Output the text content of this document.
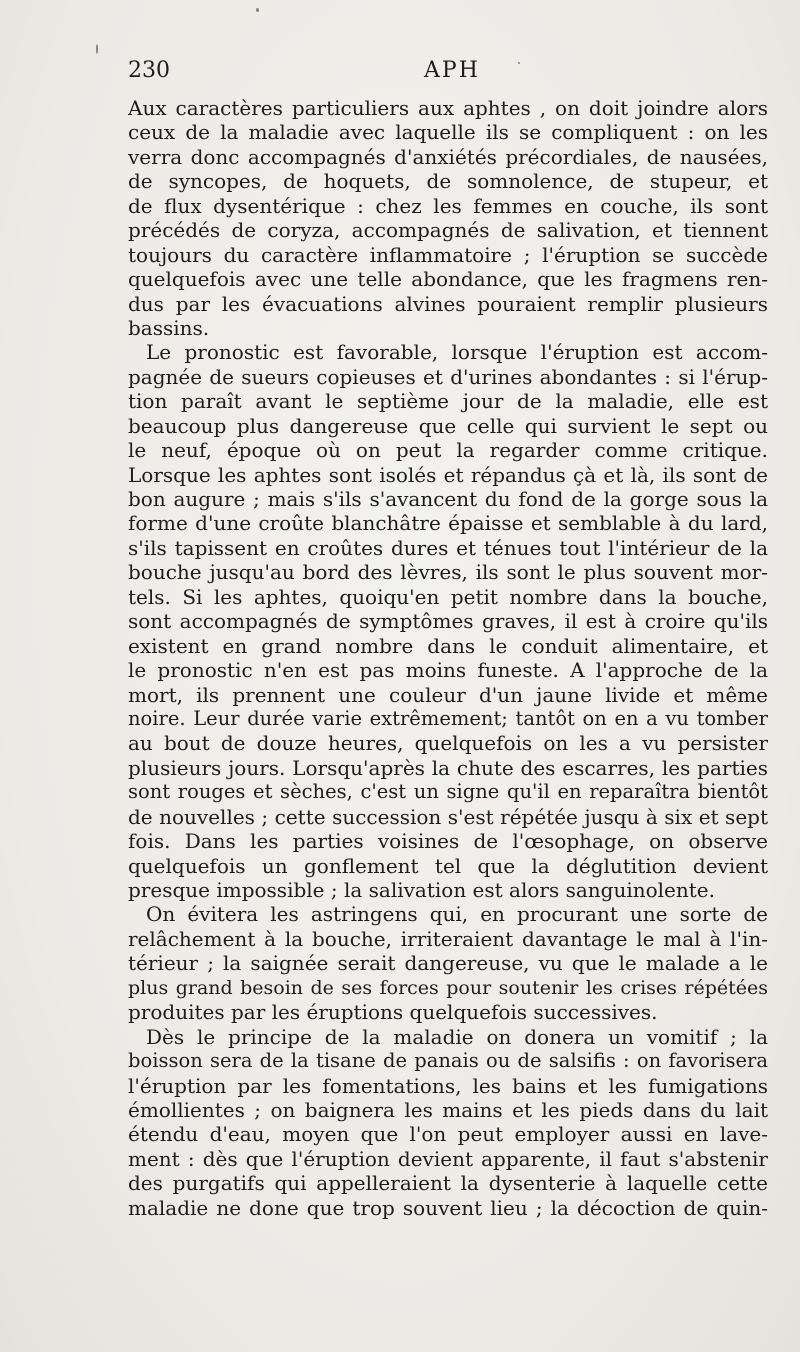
230	APH
Aux caractères particuliers aux aphtes , on doit joindre alors
ceux de la maladie avec laquelle ils se compliquent : on les
verra donc accompagnés d'anxiétés précordiales, de nausées,
de syncopes, de hoquets, de somnolence, de stupeur, et
de flux dysentérique : chez les femmes en couche, ils sont
précédés de coryza, accompagnés de salivation, et tiennent
toujours du caractère inflammatoire ; l'éruption se succède
quelquefois avec une telle abondance, que les fragmens ren-
dus par les évacuations alvines pouraient remplir plusieurs
bassins.
Le pronostic est favorable, lorsque l'éruption est accom-
pagnée de sueurs copieuses et d'urines abondantes : si l'érup-
tion paraît avant le septième jour de la maladie, elle est
beaucoup plus dangereuse que celle qui survient le sept ou
le neuf, époque où on peut la regarder comme critique.
Lorsque les aphtes sont isolés et répandus çà et là, ils sont de
bon augure ; mais s'ils s'avancent du fond de la gorge sous la
forme d'une croûte blanchâtre épaisse et semblable à du lard,
s'ils tapissent en croûtes dures et ténues tout l'intérieur de la
bouche jusqu'au bord des lèvres, ils sont le plus souvent mor-
tels. Si les aphtes, quoiqu'en petit nombre dans la bouche,
sont accompagnés de symptômes graves, il est à croire qu'ils
existent en grand nombre dans le conduit alimentaire, et
le pronostic n'en est pas moins funeste. A l'approche de la
mort, ils prennent une couleur d'un jaune livide et même
noire. Leur durée varie extrêmement; tantôt on en a vu tomber
au bout de douze heures, quelquefois on les a vu persister
plusieurs jours. Lorsqu'après la chute des escarres, les parties
sont rouges et sèches, c'est un signe qu'il en reparaîtra bientôt
de nouvelles ; cette succession s'est répétée jusqu à six et sept
fois. Dans les parties voisines de l'œsophage, on observe
quelquefois un gonflement tel que la déglutition devient
presque impossible ; la salivation est alors sanguinolente.
On évitera les astringens qui, en procurant une sorte de
relâchement à la bouche, irriteraient davantage le mal à l'in-
térieur ; la saignée serait dangereuse, vu que le malade a le
plus grand besoin de ses forces pour soutenir les crises répétées
produites par les éruptions quelquefois successives.
Dès le principe de la maladie on donera un vomitif ; la
boisson sera de la tisane de panais ou de salsifis : on favorisera
l'éruption par les fomentations, les bains et les fumigations
émollientes ; on baignera les mains et les pieds dans du lait
étendu d'eau, moyen que l'on peut employer aussi en lave-
ment : dès que l'éruption devient apparente, il faut s'abstenir
des purgatifs qui appelleraient la dysenterie à laquelle cette
maladie ne done que trop souvent lieu ; la décoction de quin-
